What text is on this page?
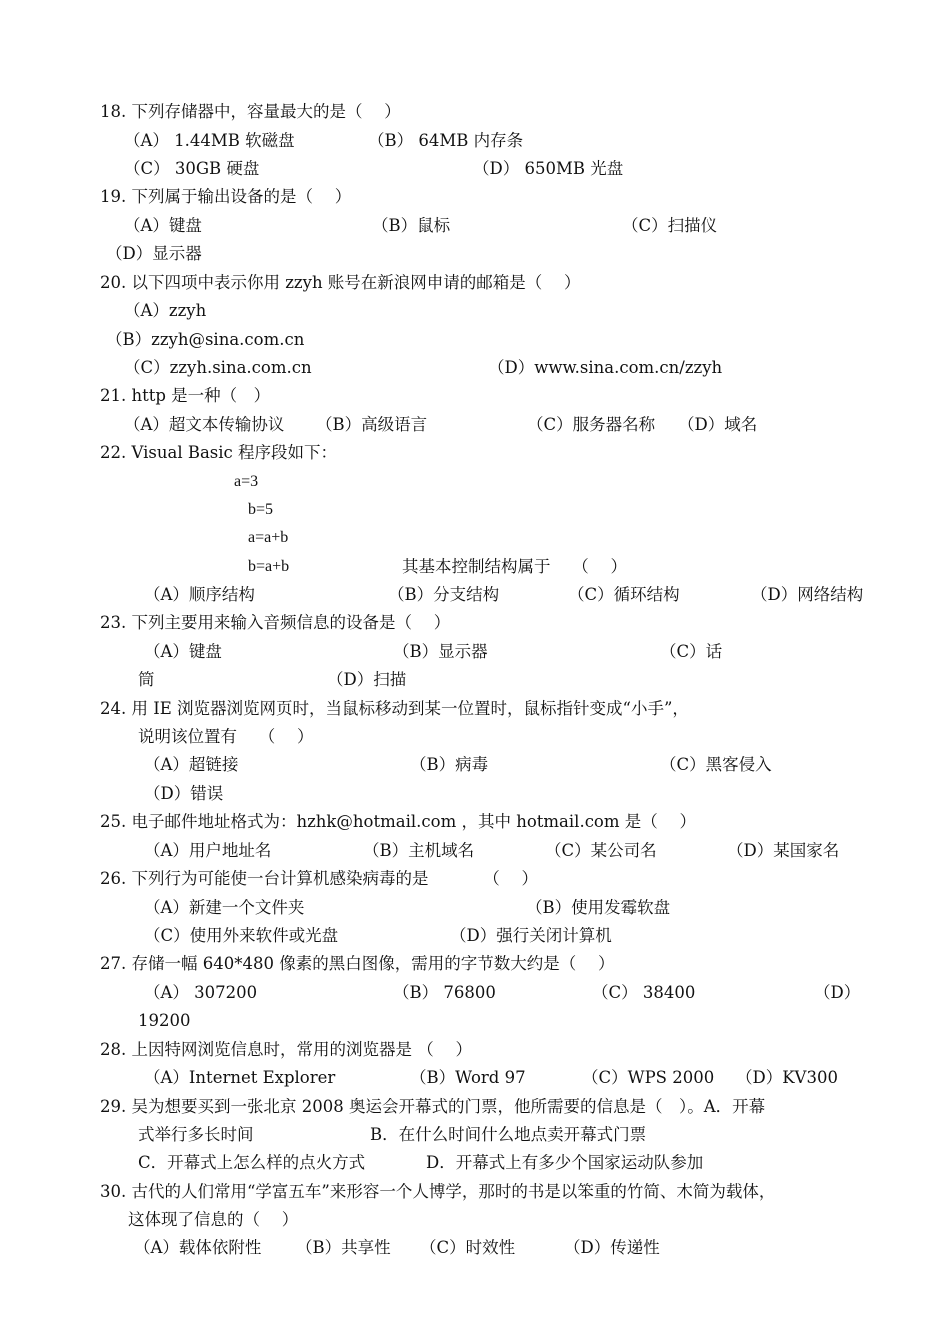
18. 下列存储器中，容量最大的是（　 ）
（A） 1.44MB 软磁盘	（B） 64MB 内存条
（C） 30GB 硬盘	（D） 650MB 光盘
19. 下列属于输出设备的是（　 ）
（A）键盘	（B）鼠标	（C）扫描仪
（D）显示器
20. 以下四项中表示你用 zzyh 账号在新浪网申请的邮箱是（　 ）
（A）zzyh
（B）zzyh@sina.com.cn
（C）zzyh.sina.com.cn	（D）www.sina.com.cn/zzyh
21. http 是一种（　）
（A）超文本传输协议 （B）高级语言	（C）服务器名称 （D）域名
22. Visual Basic 程序段如下：
a=3
b=5
a=a+b
b=a+b	其基本控制结构属于　 （　 ）
（A）顺序结构	（B）分支结构	（C）循环结构	（D）网络结构
23. 下列主要用来输入音频信息的设备是（　 ）
（A）键盘	（B）显示器	（C）话
筒	（D）扫描
24. 用 IE 浏览器浏览网页时，当鼠标移动到某一位置时，鼠标指针变成“小手”，
说明该位置有　 （　 ）
（A）超链接	（B）病毒	（C）黑客侵入
（D）错误
25. 电子邮件地址格式为：hzhk@hotmail.com ，其中 hotmail.com 是（　 ）
（A）用户地址名	（B）主机域名	（C）某公司名	（D）某国家名
26. 下列行为可能使一台计算机感染病毒的是　　　 （　 ）
（A）新建一个文件夹	（B）使用发霉软盘
（C）使用外来软件或光盘	（D）强行关闭计算机
27. 存储一幅 640*480 像素的黑白图像，需用的字节数大约是（　 ）
（A） 307200	（B） 76800	（C） 38400	（D）
19200
28. 上因特网浏览信息时，常用的浏览器是 （　 ）
（A）Internet Explorer	（B）Word 97	（C）WPS 2000 （D）KV300
29. 吴为想要买到一张北京 2008 奥运会开幕式的门票，他所需要的信息是（　）。A．开幕
式举行多长时间	B．在什么时间什么地点卖开幕式门票
C．开幕式上怎么样的点火方式	D．开幕式上有多少个国家运动队参加
30. 古代的人们常用“学富五车”来形容一个人博学，那时的书是以笨重的竹简、木简为载体，
这体现了信息的（　 ）
（A）载体依附性 （B）共享性 （C）时效性	（D）传递性
